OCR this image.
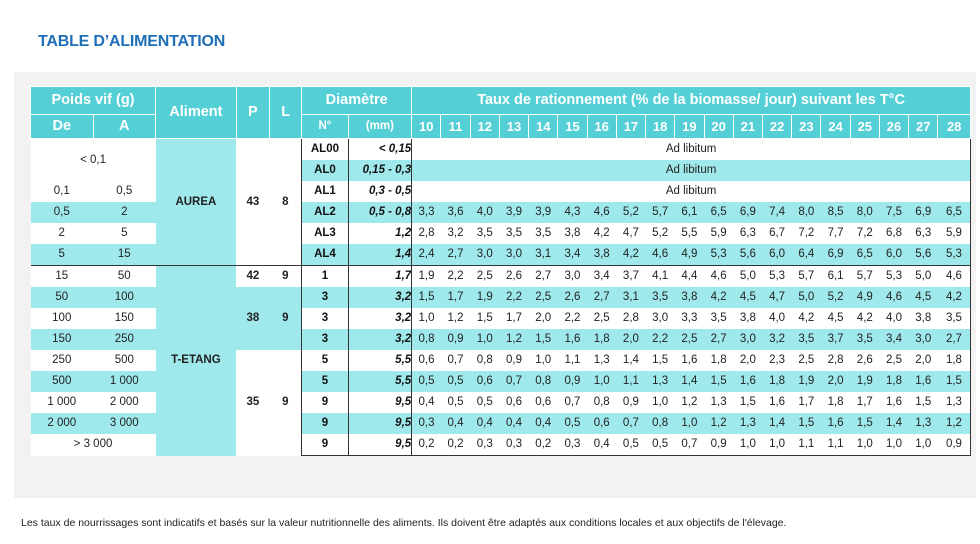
TABLE D’ALIMENTATION
Poids vif (g)		Aliment	P	L	Diamètre		Taux de rationnement (% de la biomasse/ jour) suivant les T°C																		
De	A				N°	(mm)	10	11	12	13	14	15	16	17	18	19	20	21	22	23	24	25	26	27	28
< 0,1		AUREA	43	8	AL00	< 0,15	Ad libitum																		
					AL0	0,15 - 0,3	Ad libitum																		
0,1	0,5				AL1	0,3 - 0,5	Ad libitum																		
0,5	2				AL2	0,5 - 0,8	3,3	3,6	4,0	3,9	3,9	4,3	4,6	5,2	5,7	6,1	6,5	6,9	7,4	8,0	8,5	8,0	7,5	6,9	6,5
2	5				AL3	1,2	2,8	3,2	3,5	3,5	3,5	3,8	4,2	4,7	5,2	5,5	5,9	6,3	6,7	7,2	7,7	7,2	6,8	6,3	5,9
5	15				AL4	1,4	2,4	2,7	3,0	3,0	3,1	3,4	3,8	4,2	4,6	4,9	5,3	5,6	6,0	6,4	6,9	6,5	6,0	5,6	5,3
15	50	T-ETANG	42	9	1	1,7	1,9	2,2	2,5	2,6	2,7	3,0	3,4	3,7	4,1	4,4	4,6	5,0	5,3	5,7	6,1	5,7	5,3	5,0	4,6
50	100		38	9	3	3,2	1,5	1,7	1,9	2,2	2,5	2,6	2,7	3,1	3,5	3,8	4,2	4,5	4,7	5,0	5,2	4,9	4,6	4,5	4,2
100	150				3	3,2	1,0	1,2	1,5	1,7	2,0	2,2	2,5	2,8	3,0	3,3	3,5	3,8	4,0	4,2	4,5	4,2	4,0	3,8	3,5
150	250				3	3,2	0,8	0,9	1,0	1,2	1,5	1,6	1,8	2,0	2,2	2,5	2,7	3,0	3,2	3,5	3,7	3,5	3,4	3,0	2,7
250	500		35	9	5	5,5	0,6	0,7	0,8	0,9	1,0	1,1	1,3	1,4	1,5	1,6	1,8	2,0	2,3	2,5	2,8	2,6	2,5	2,0	1,8
500	1 000				5	5,5	0,5	0,5	0,6	0,7	0,8	0,9	1,0	1,1	1,3	1,4	1,5	1,6	1,8	1,9	2,0	1,9	1,8	1,6	1,5
1 000	2 000				9	9,5	0,4	0,5	0,5	0,6	0,6	0,7	0,8	0,9	1,0	1,2	1,3	1,5	1,6	1,7	1,8	1,7	1,6	1,5	1,3
2 000	3 000				9	9,5	0,3	0,4	0,4	0,4	0,4	0,5	0,6	0,7	0,8	1,0	1,2	1,3	1,4	1,5	1,6	1,5	1,4	1,3	1,2
> 3 000					9	9,5	0,2	0,2	0,3	0,3	0,2	0,3	0,4	0,5	0,5	0,7	0,9	1,0	1,0	1,1	1,1	1,0	1,0	1,0	0,9
Les taux de nourrissages sont indicatifs et basés sur la valeur nutritionnelle des aliments. Ils doivent être adaptés aux conditions locales et aux objectifs de l'élevage.
